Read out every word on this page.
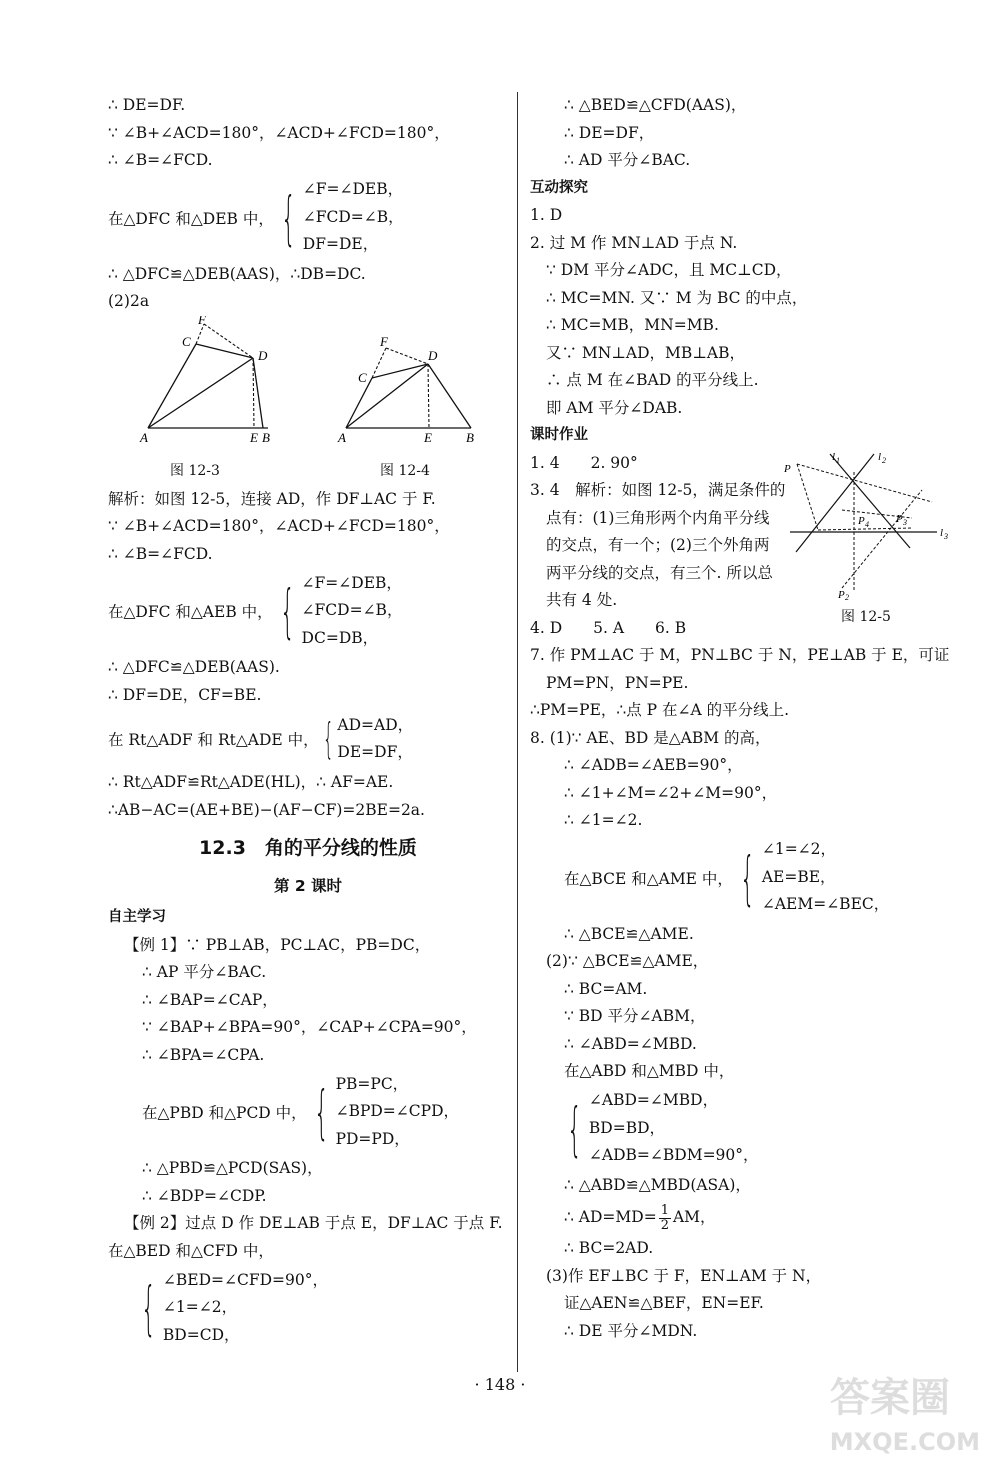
∴ DE=DF.
∵ ∠B+∠ACD=180°，∠ACD+∠FCD=180°，
∴ ∠B=∠FCD.
在△DFC 和△DEB 中， { ∠F=∠DEB，
∠FCD=∠B，
DF=DE，
∴ △DFC≌△DEB(AAS)，∴DB=DC.
(2)2a
A	E B
C
F
D
A	E	B
C
F
D
图 12-3	图 12-4
解析：如图 12-5，连接 AD，作 DF⊥AC 于 F.
∵ ∠B+∠ACD=180°，∠ACD+∠FCD=180°，
∴ ∠B=∠FCD.
在△DFC 和△AEB 中， { ∠F=∠DEB，
∠FCD=∠B，
DC=DB，
∴ △DFC≌△DEB(AAS).
∴ DF=DE，CF=BE.
在 Rt△ADF 和 Rt△ADE 中， { AD=AD，
DE=DF，
∴ Rt△ADF≌Rt△ADE(HL)，∴ AF=AE.
∴AB−AC=(AE+BE)−(AF−CF)=2BE=2a.
12.3　角的平分线的性质
第 2 课时
自主学习
【例 1】∵ PB⊥AB，PC⊥AC，PB=DC，
∴ AP 平分∠BAC.
∴ ∠BAP=∠CAP，
∵ ∠BAP+∠BPA=90°，∠CAP+∠CPA=90°，
∴ ∠BPA=∠CPA.
在△PBD 和△PCD 中， { PB=PC，
∠BPD=∠CPD，
PD=PD，
∴ △PBD≌△PCD(SAS)，
∴ ∠BDP=∠CDP.
【例 2】过点 D 作 DE⊥AB 于点 E，DF⊥AC 于点 F.
在△BED 和△CFD 中，
{ ∠BED=∠CFD=90°，
∠1=∠2，
BD=CD，
∴ △BED≌△CFD(AAS)，
∴ DE=DF，
∴ AD 平分∠BAC.
互动探究
1. D
2. 过 M 作 MN⊥AD 于点 N.
∵ DM 平分∠ADC，且 MC⊥CD，
∴ MC=MN. 又∵ M 为 BC 的中点，
∴ MC=MB，MN=MB.
又∵ MN⊥AD，MB⊥AB，
∴ 点 M 在∠BAD 的平分线上.
即 AM 平分∠DAB.
课时作业
P
l 1	l 2
l 3
P 4 P 3
P 2
图 12-5
1. 4　　2. 90°
3. 4　解析：如图 12-5，满足条件的
点有：(1)三角形两个内角平分线
的交点，有一个；(2)三个外角两
两平分线的交点，有三个. 所以总
共有 4 处.
4. D　　5. A　　6. B
7. 作 PM⊥AC 于 M，PN⊥BC 于 N，PE⊥AB 于 E，可证
PM=PN，PN=PE.
∴PM=PE，∴点 P 在∠A 的平分线上.
8. (1)∵ AE、BD 是△ABM 的高，
∴ ∠ADB=∠AEB=90°，
∴ ∠1+∠M=∠2+∠M=90°，
∴ ∠1=∠2.
在△BCE 和△AME 中， { ∠1=∠2，
AE=BE，
∠AEM=∠BEC，
∴ △BCE≌△AME.
(2)∵ △BCE≌△AME，
∴ BC=AM.
∵ BD 平分∠ABM，
∴ ∠ABD=∠MBD.
在△ABD 和△MBD 中，
{ ∠ABD=∠MBD，
BD=BD，
∠ADB=∠BDM=90°，
∴ △ABD≌△MBD(ASA)，
∴ $AD=MD= \frac{1}{2}$ AM，
∴ BC=2AD.
(3)作 EF⊥BC 于 F，EN⊥AM 于 N，
证△AEN≌△BEF，EN=EF.
∴ DE 平分∠MDN.
· 148 ·	答案圈
MXQE.COM
